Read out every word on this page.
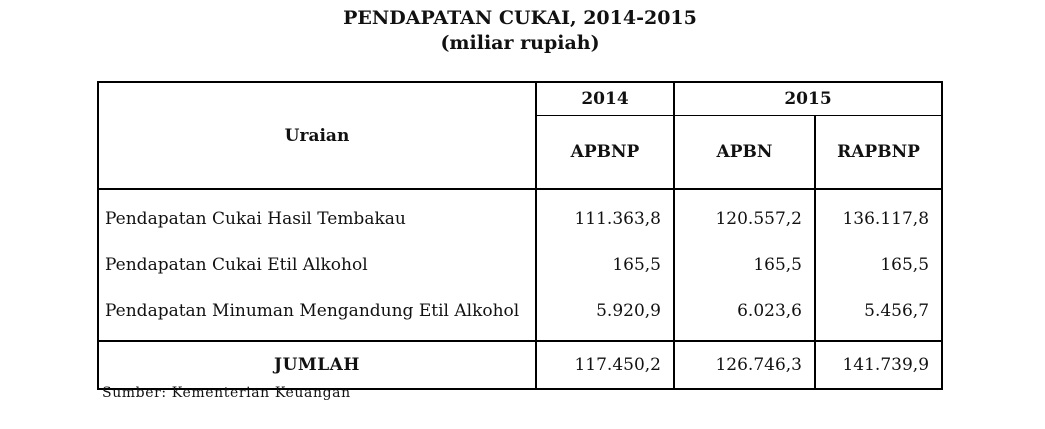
PENDAPATAN CUKAI, 2014-2015
(miliar rupiah)
Uraian	2014	2015	
	APBNP	APBN	RAPBNP
Pendapatan Cukai Hasil Tembakau	111.363,8	120.557,2	136.117,8
Pendapatan Cukai Etil Alkohol	165,5	165,5	165,5
Pendapatan Minuman Mengandung Etil Alkohol	5.920,9	6.023,6	5.456,7
JUMLAH	117.450,2	126.746,3	141.739,9
Sumber: Kementerian Keuangan
